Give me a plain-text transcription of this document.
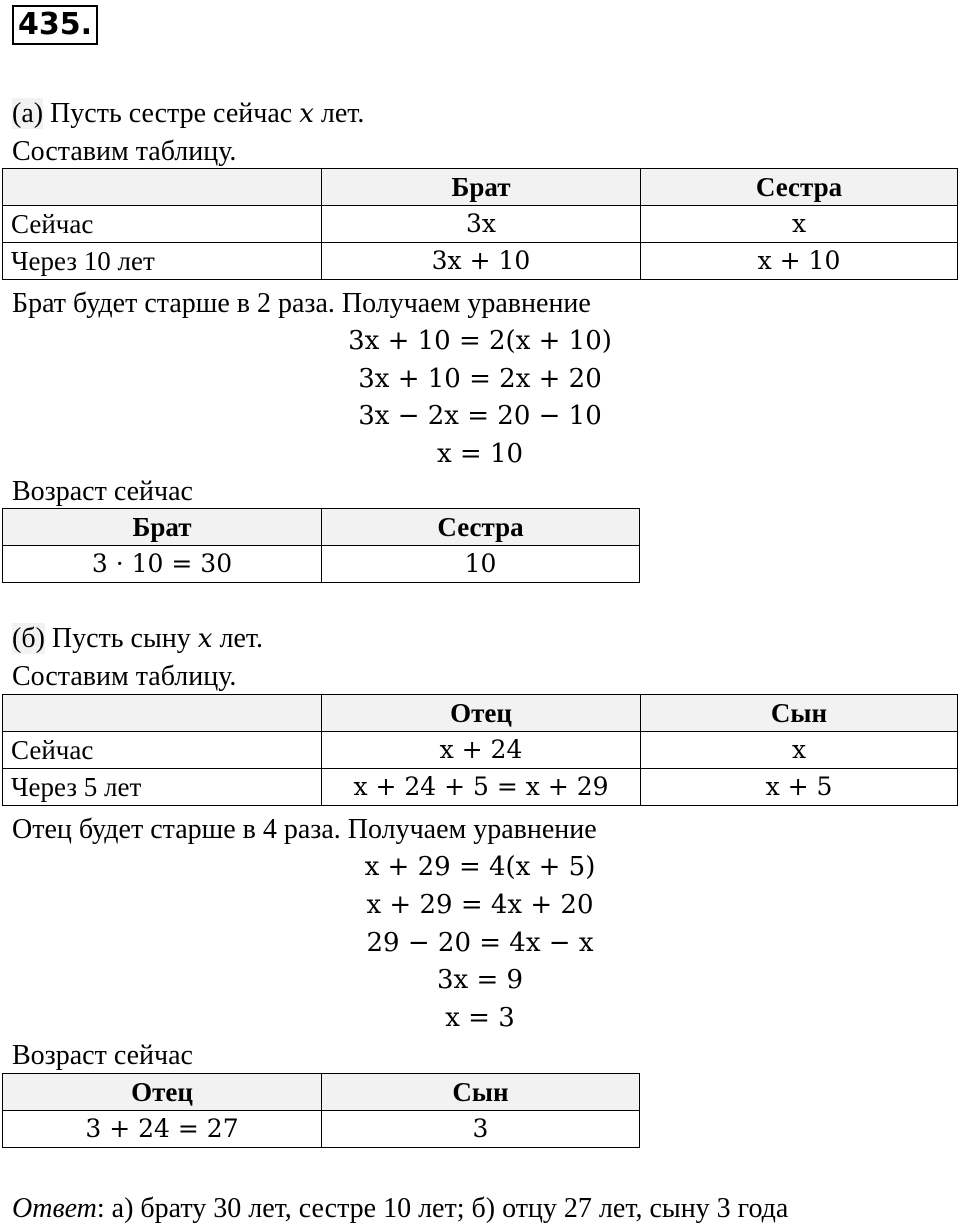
435.
(а) Пусть сестре сейчас x лет.
Составим таблицу.
	Брат	Сестра
Сейчас	3x	x
Через 10 лет	3x + 10	x + 10
Брат будет старше в 2 раза. Получаем уравнение
3x + 10 = 2(x + 10)
3x + 10 = 2x + 20
3x − 2x = 20 − 10
x = 10
Возраст сейчас
Брат	Сестра
3 · 10 = 30	10
(б) Пусть сыну x лет.
Составим таблицу.
	Отец	Сын
Сейчас	x + 24	x
Через 5 лет	x + 24 + 5 = x + 29	x + 5
Отец будет старше в 4 раза. Получаем уравнение
x + 29 = 4(x + 5)
x + 29 = 4x + 20
29 − 20 = 4x − x
3x = 9
x = 3
Возраст сейчас
Отец	Сын
3 + 24 = 27	3
Ответ: а) брату 30 лет, сестре 10 лет; б) отцу 27 лет, сыну 3 года
